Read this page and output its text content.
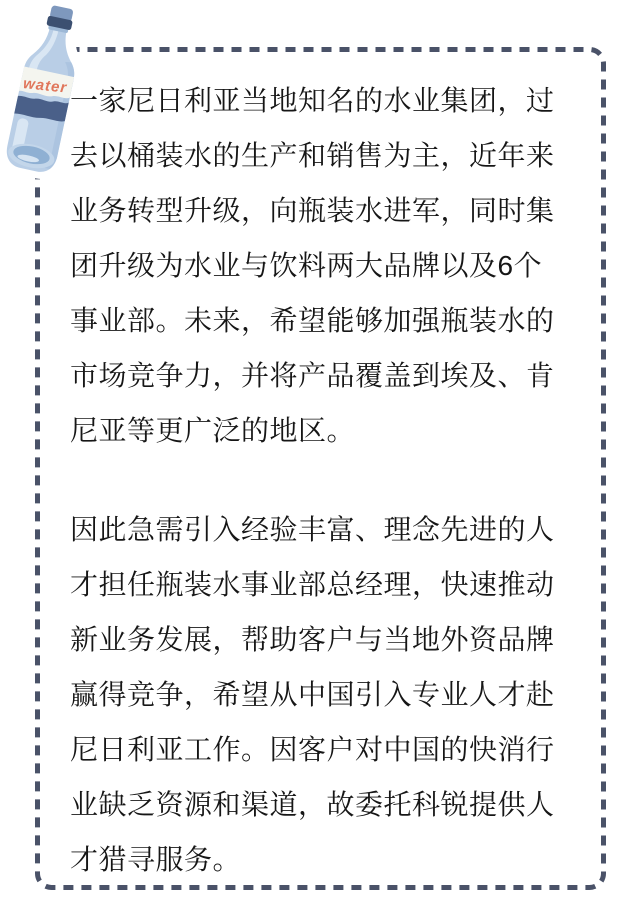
water 一家尼日利亚当地知名的水业集团，过
去以桶装水的生产和销售为主，近年来
业务转型升级，向瓶装水进军，同时集
团升级为水业与饮料两大品牌以及6个
事业部。未来，希望能够加强瓶装水的
市场竞争力，并将产品覆盖到埃及、肯
尼亚等更广泛的地区。
因此急需引入经验丰富、理念先进的人
才担任瓶装水事业部总经理，快速推动
新业务发展，帮助客户与当地外资品牌
赢得竞争，希望从中国引入专业人才赴
尼日利亚工作。因客户对中国的快消行
业缺乏资源和渠道，故委托科锐提供人
才猎寻服务。
